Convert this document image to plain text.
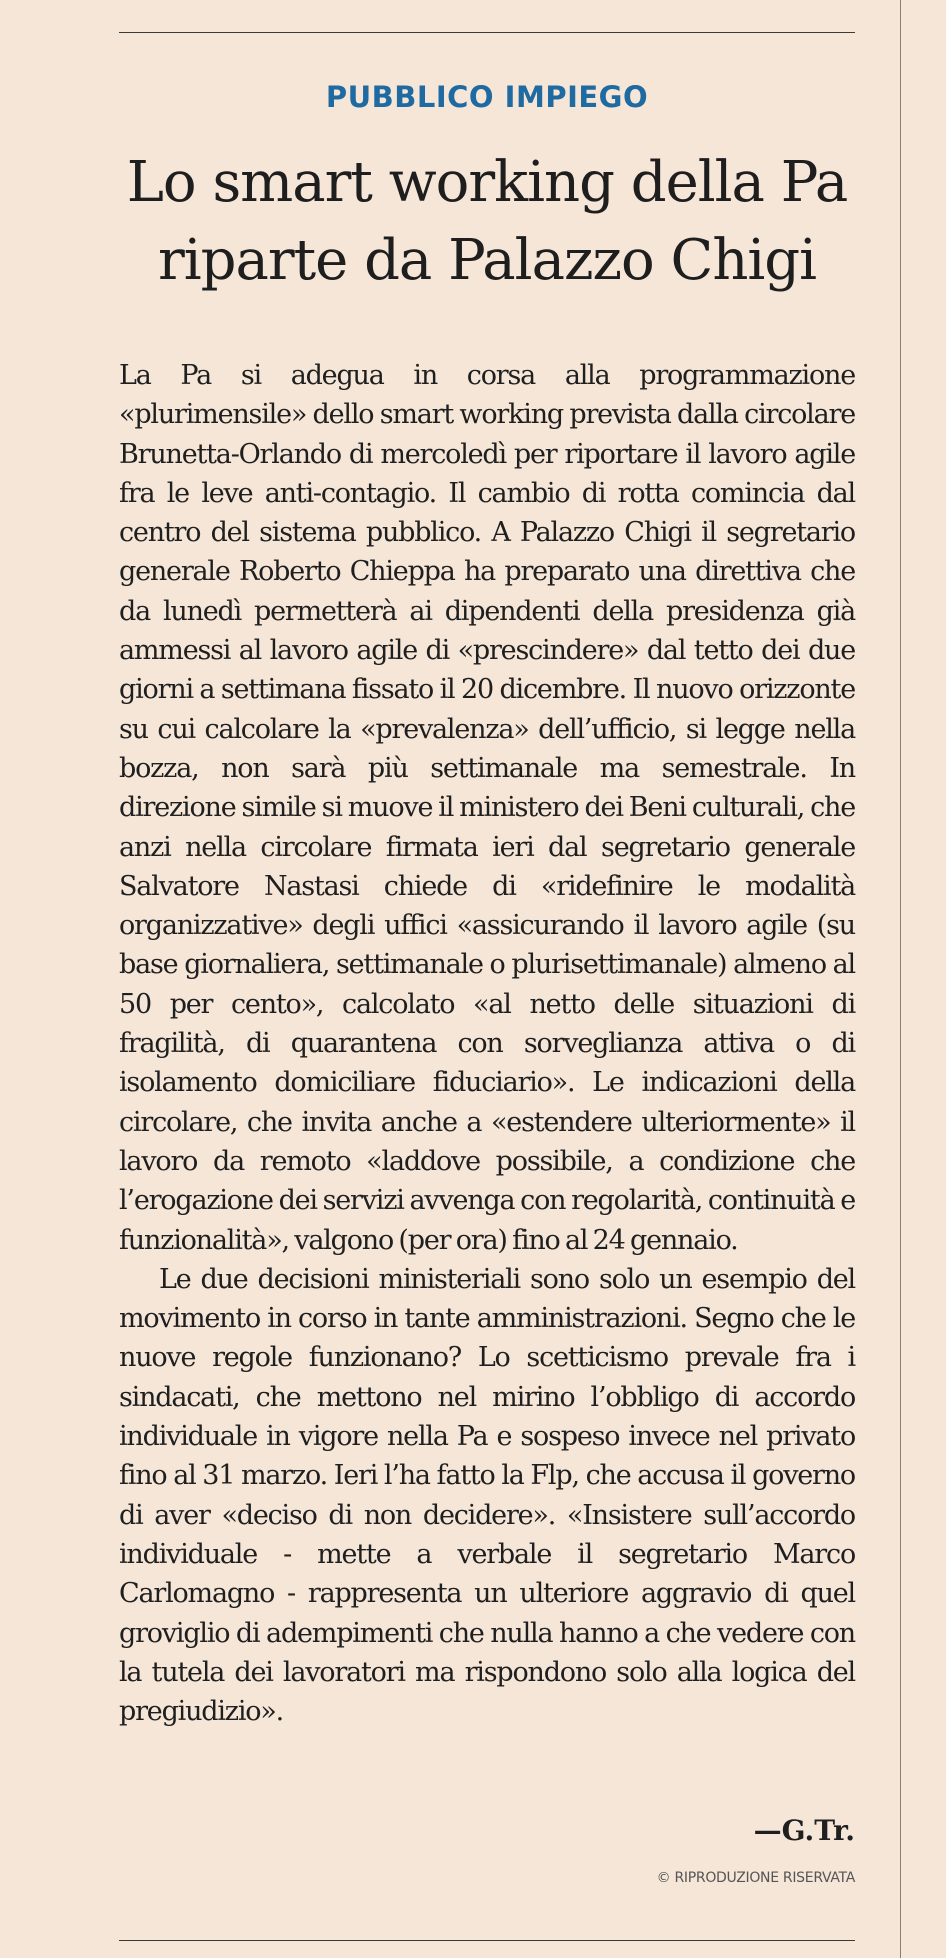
PUBBLICO IMPIEGO
Lo smart working della Pa
riparte da Palazzo Chigi

La Pa si adegua in corsa alla programmazione «plurimensile» dello smart working prevista dalla circolare Brunetta-Orlando di mercoledì per riportare il lavoro agile fra le leve anti-contagio. Il cambio di rotta comincia dal centro del sistema pubblico. A Palazzo Chigi il segretario generale Roberto Chieppa ha preparato una direttiva che da lunedì permetterà ai dipendenti della presidenza già ammessi al lavoro agile di «prescindere» dal tetto dei due giorni a settimana fissato il 20 dicembre. Il nuovo orizzonte su cui calcolare la «prevalenza» dell’ufficio, si legge nella bozza, non sarà più settimanale ma semestrale. In direzione simile si muove il ministero dei Beni culturali, che anzi nella circolare firmata ieri dal segretario generale Salvatore Nastasi chiede di «ridefinire le modalità organizzative» degli uffici «assicurando il lavoro agile (su base giornaliera, settimanale o plurisettimanale) almeno al 50 per cento», calcolato «al netto delle situazioni di fragilità, di quarantena con sorveglianza attiva o di isolamento domiciliare fiduciario». Le indicazioni della circolare, che invita anche a «estendere ulteriormente» il lavoro da remoto «laddove possibile, a condizione che l’erogazione dei servizi avvenga con regolarità, continuità e funzionalità», valgono (per ora) fino al 24 gennaio.

Le due decisioni ministeriali sono solo un esempio del movimento in corso in tante amministrazioni. Segno che le nuove regole funzionano? Lo scetticismo prevale fra i sindacati, che mettono nel mirino l’obbligo di accordo individuale in vigore nella Pa e sospeso invece nel privato fino al 31 marzo. Ieri l’ha fatto la Flp, che accusa il governo di aver «deciso di non decidere». «Insistere sull’accordo individuale - mette a verbale il segretario Marco Carlomagno - rappresenta un ulteriore aggravio di quel groviglio di adempimenti che nulla hanno a che vedere con la tutela dei lavoratori ma rispondono solo alla logica del pregiudizio».

—G.Tr.
© RIPRODUZIONE RISERVATA
